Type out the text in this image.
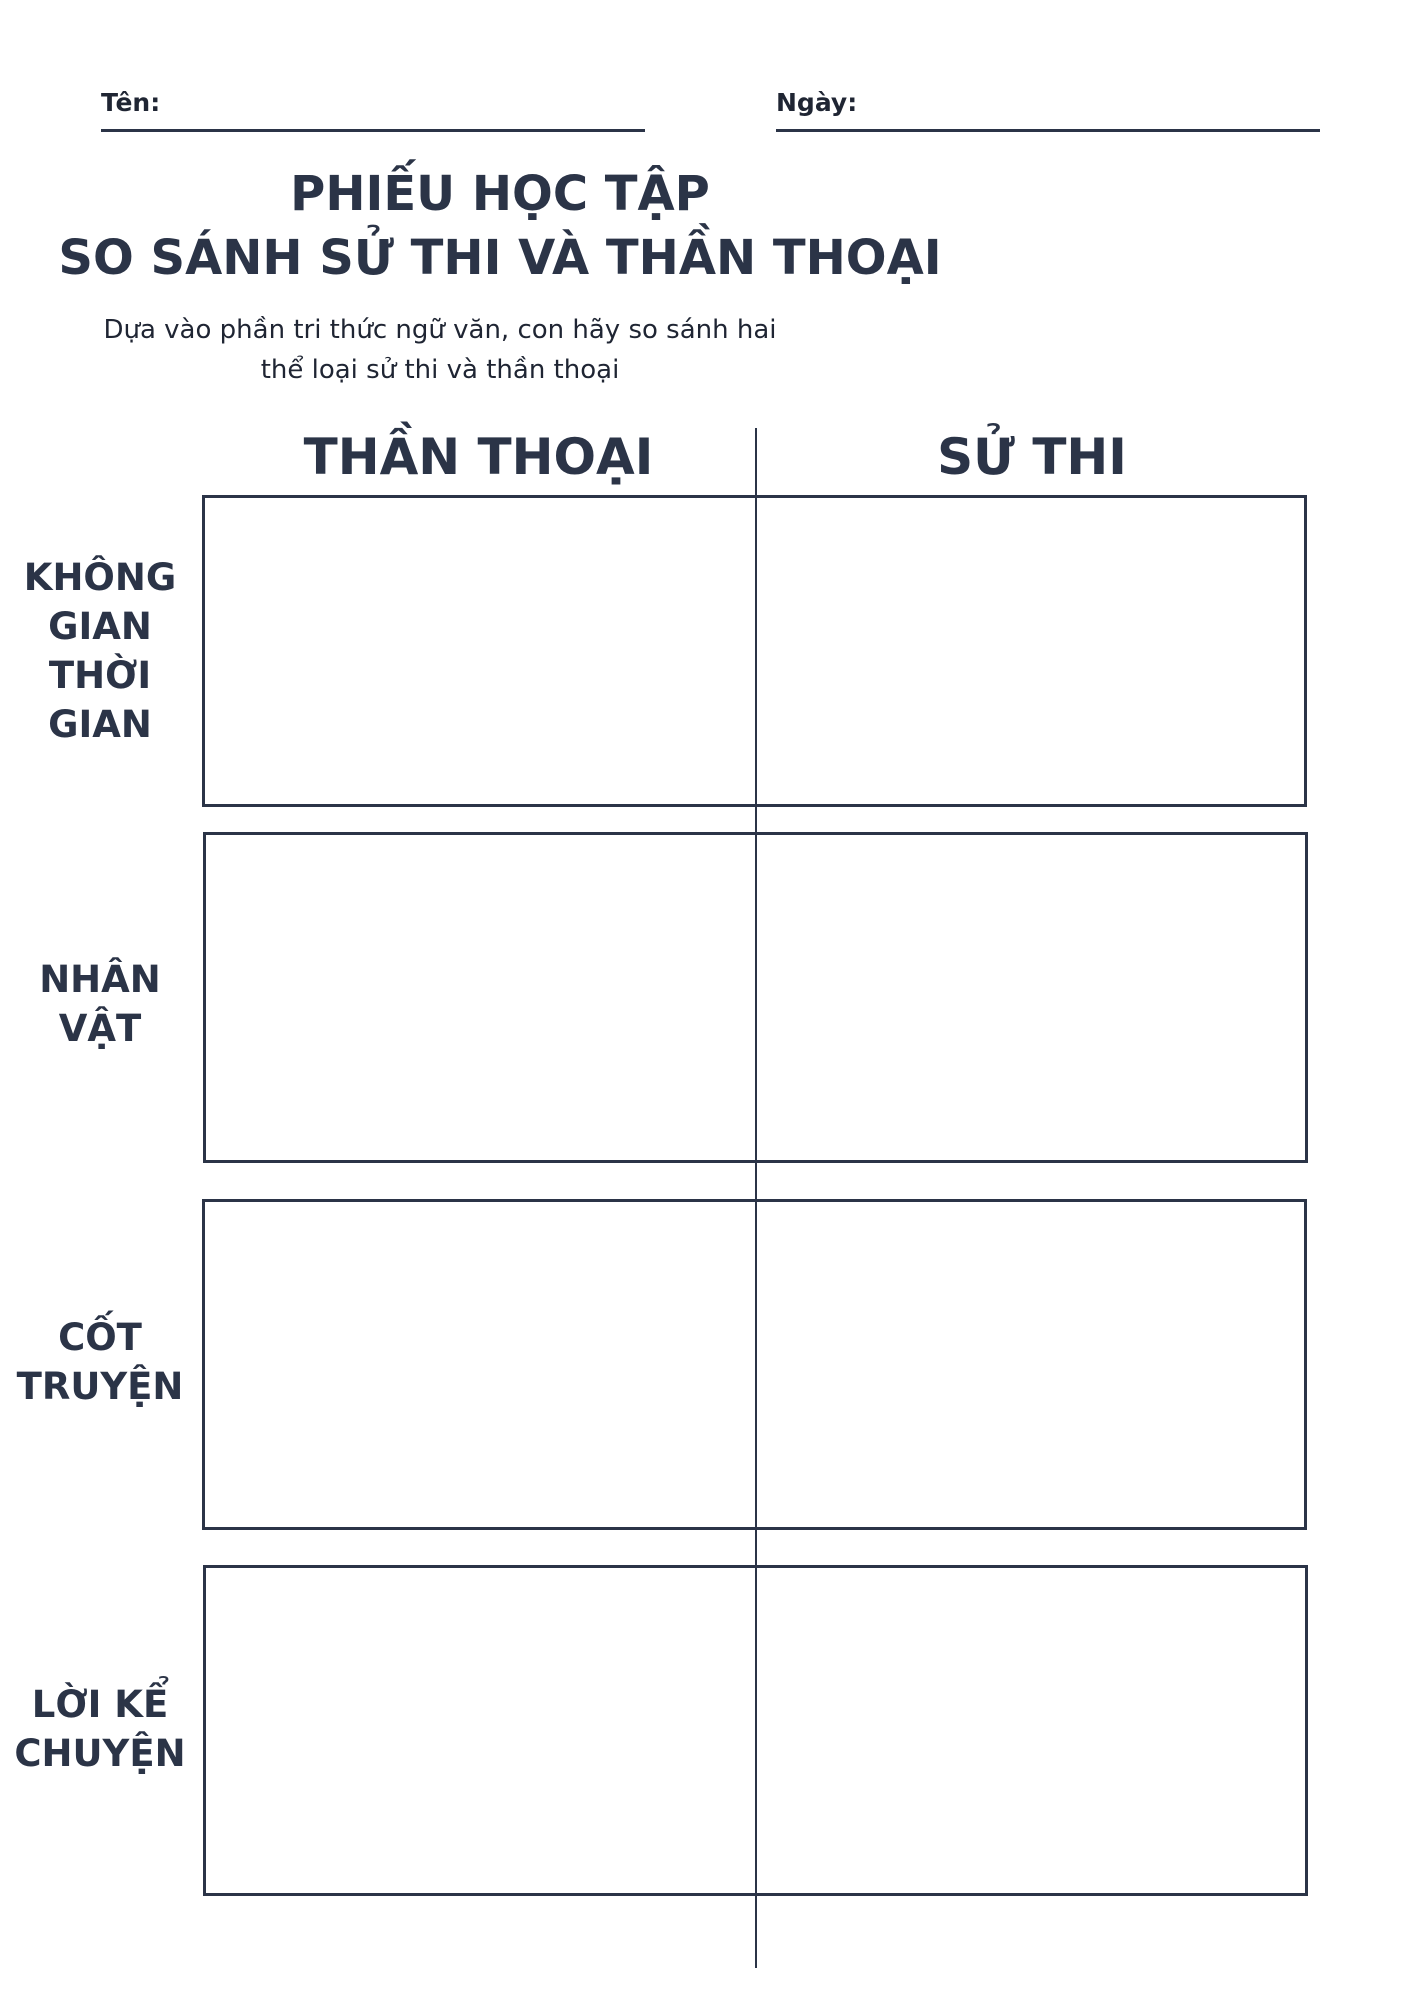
Tên:	Ngày:
PHIẾU HỌC TẬP
SO SÁNH SỬ THI VÀ THẦN THOẠI

Dựa vào phần tri thức ngữ văn, con hãy so sánh hai
thể loại sử thi và thần thoại

THẦN THOẠI	SỬ THI
KHÔNG
GIAN
THỜI
GIAN
NHÂN
VẬT
CỐT
TRUYỆN
LỜI KỂ
CHUYỆN
